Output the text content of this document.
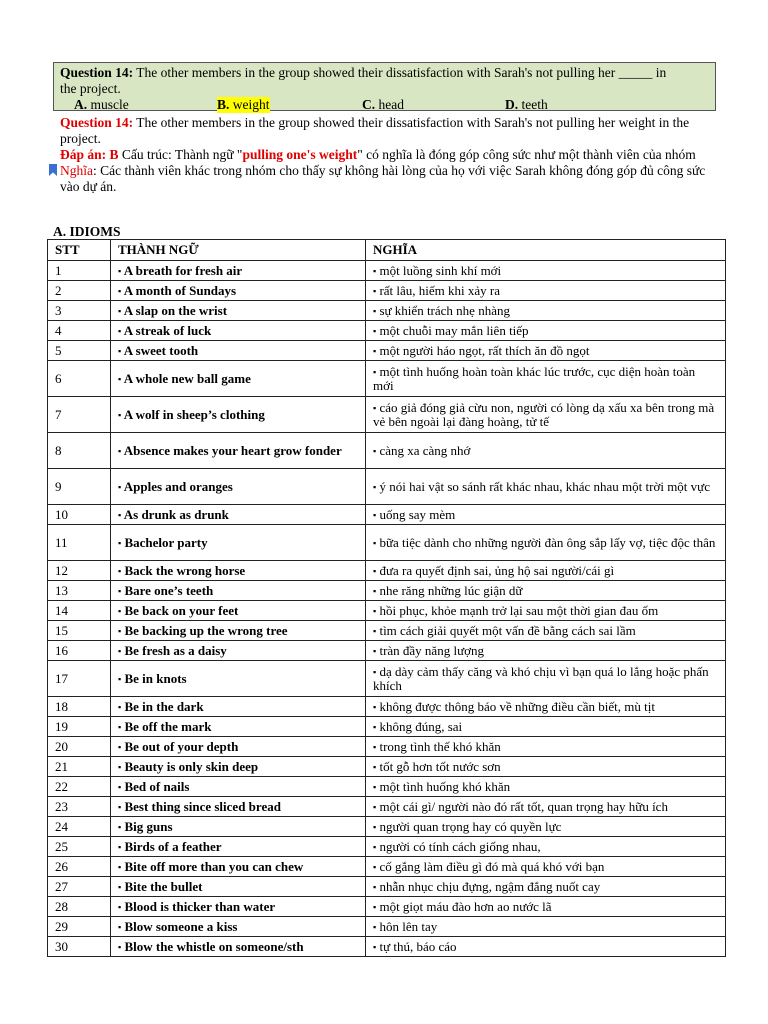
Question 14: The other members in the group showed their dissatisfaction with Sarah's not pulling her _____ in
the project.
A. muscle	B. weight	C. head	D. teeth

Question 14: The other members in the group showed their dissatisfaction with Sarah's not pulling her weight in the project.

Đáp án: B Cấu trúc: Thành ngữ "pulling one's weight" có nghĩa là đóng góp công sức như một thành viên của nhóm

Nghĩa: Các thành viên khác trong nhóm cho thấy sự không hài lòng của họ với việc Sarah không đóng góp đủ công sức vào dự án.

A. IDIOMS
STT	THÀNH NGỮ	NGHĨA
1	▪ A breath for fresh air	▪ một luồng sinh khí mới
2	▪ A month of Sundays	▪ rất lâu, hiếm khi xảy ra
3	▪ A slap on the wrist	▪ sự khiển trách nhẹ nhàng
4	▪ A streak of luck	▪ một chuỗi may mắn liên tiếp
5	▪ A sweet tooth	▪ một người háo ngọt, rất thích ăn đồ ngọt
6	▪ A whole new ball game	▪ một tình huống hoàn toàn khác lúc trước, cục diện hoàn toàn mới
7	▪ A wolf in sheep’s clothing	▪ cáo giả đóng giả cừu non, người có lòng dạ xấu xa bên trong mà vẻ bên ngoài lại đàng hoàng, tử tế
8	▪ Absence makes your heart grow fonder	▪ càng xa càng nhớ
9	▪ Apples and oranges	▪ ý nói hai vật so sánh rất khác nhau, khác nhau một trời một vực
10	▪ As drunk as drunk	▪ uống say mèm
11	▪ Bachelor party	▪ bữa tiệc dành cho những người đàn ông sắp lấy vợ, tiệc độc thân
12	▪ Back the wrong horse	▪ đưa ra quyết định sai, ủng hộ sai người/cái gì
13	▪ Bare one’s teeth	▪ nhe răng những lúc giận dữ
14	▪ Be back on your feet	▪ hồi phục, khỏe mạnh trở lại sau một thời gian đau ốm
15	▪ Be backing up the wrong tree	▪ tìm cách giải quyết một vấn đề bằng cách sai lầm
16	▪ Be fresh as a daisy	▪ tràn đầy năng lượng
17	▪ Be in knots	▪ dạ dày cảm thấy căng và khó chịu vì bạn quá lo lắng hoặc phấn khích
18	▪ Be in the dark	▪ không được thông báo về những điều cần biết, mù tịt
19	▪ Be off the mark	▪ không đúng, sai
20	▪ Be out of your depth	▪ trong tình thế khó khăn
21	▪ Beauty is only skin deep	▪ tốt gỗ hơn tốt nước sơn
22	▪ Bed of nails	▪ một tình huống khó khăn
23	▪ Best thing since sliced bread	▪ một cái gì/ người nào đó rất tốt, quan trọng hay hữu ích
24	▪ Big guns	▪ người quan trọng hay có quyền lực
25	▪ Birds of a feather	▪ người có tính cách giống nhau,
26	▪ Bite off more than you can chew	▪ cố gắng làm điều gì đó mà quá khó với bạn
27	▪ Bite the bullet	▪ nhẫn nhục chịu đựng, ngậm đắng nuốt cay
28	▪ Blood is thicker than water	▪ một giọt máu đào hơn ao nước lã
29	▪ Blow someone a kiss	▪ hôn lên tay
30	▪ Blow the whistle on someone/sth	▪ tự thú, báo cáo
